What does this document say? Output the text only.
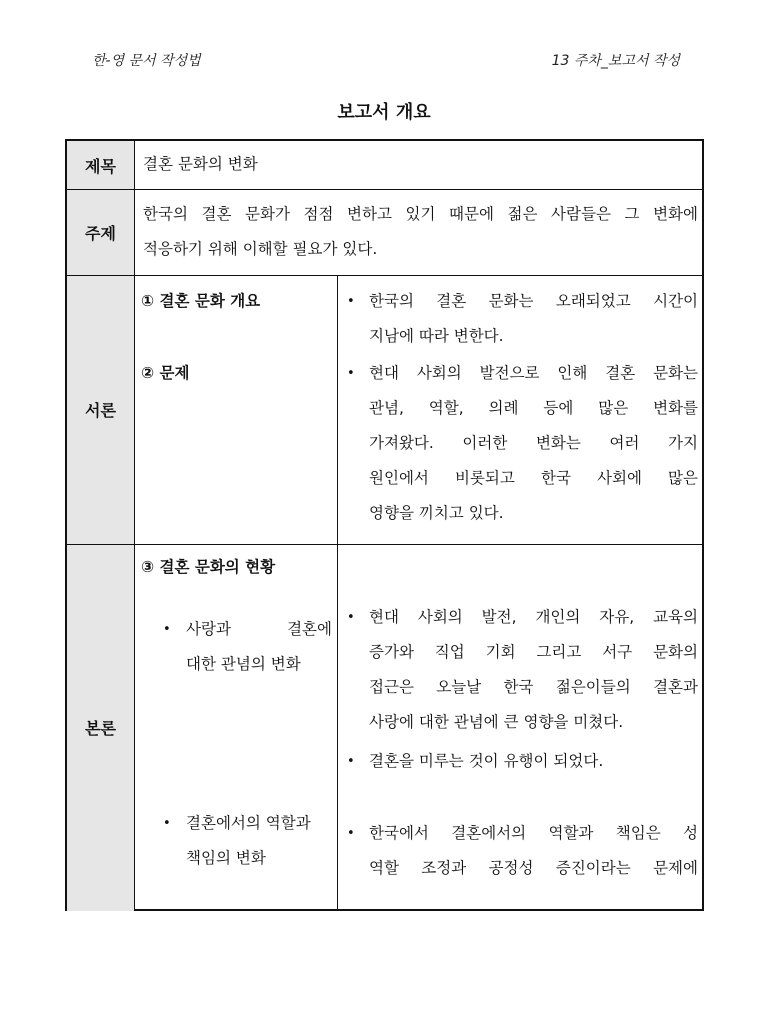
한-영 문서 작성법	13 주차_보고서 작성
보고서 개요
제목
주제
서론
본론
결혼 문화의 변화
한국의 결혼 문화가 점점 변하고 있기 때문에 젊은 사람들은 그 변화에
적응하기 위해 이해할 필요가 있다.
① 결혼 문화 개요
② 문제
• 한국의 결혼 문화는 오래되었고 시간이
지남에 따라 변한다.
• 현대 사회의 발전으로 인해 결혼 문화는
관념, 역할, 의례 등에 많은 변화를
가져왔다. 이러한 변화는 여러 가지
원인에서 비롯되고 한국 사회에 많은
영향을 끼치고 있다.
③ 결혼 문화의 현황
• 사랑과 결혼에
대한 관념의 변화
• 결혼에서의 역할과
책임의 변화
• 현대 사회의 발전, 개인의 자유, 교육의
증가와 직업 기회 그리고 서구 문화의
접근은 오늘날 한국 젊은이들의 결혼과
사랑에 대한 관념에 큰 영향을 미쳤다.
• 결혼을 미루는 것이 유행이 되었다.
• 한국에서 결혼에서의 역할과 책임은 성
역할 조정과 공정성 증진이라는 문제에
